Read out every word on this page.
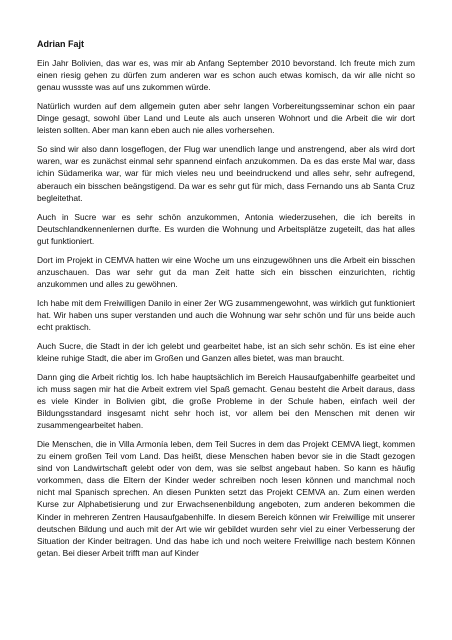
Adrian Fajt

Ein Jahr Bolivien, das war es, was mir ab Anfang September 2010 bevorstand. Ich freute mich zum einen riesig gehen zu dürfen zum anderen war es schon auch etwas komisch, da wir alle nicht so genau wussste was auf uns zukommen würde.

Natürlich wurden auf dem allgemein guten aber sehr langen Vorbereitungsseminar schon ein paar Dinge gesagt, sowohl über Land und Leute als auch unseren Wohnort und die Arbeit die wir dort leisten sollten. Aber man kann eben auch nie alles vorhersehen.

So sind wir also dann losgeflogen, der Flug war unendlich lange und anstrengend, aber als wird dort waren, war es zunächst einmal sehr spannend einfach anzukommen. Da es das erste Mal war, dass ichin Südamerika war, war für mich vieles neu und beeindruckend und alles sehr, sehr aufregend, aberauch ein bisschen beängstigend. Da war es sehr gut für mich, dass Fernando uns ab Santa Cruz begleitethat.

Auch in Sucre war es sehr schön anzukommen, Antonia wiederzusehen, die ich bereits in Deutschlandkennenlernen durfte. Es wurden die Wohnung und Arbeitsplätze zugeteilt, das hat alles gut funktioniert.

Dort im Projekt in CEMVA hatten wir eine Woche um uns einzugewöhnen uns die Arbeit ein bisschen anzuschauen. Das war sehr gut da man Zeit hatte sich ein bisschen einzurichten, richtig anzukommen und alles zu gewöhnen.

Ich habe mit dem Freiwilligen Danilo in einer 2er WG zusammengewohnt, was wirklich gut funktioniert hat. Wir haben uns super verstanden und auch die Wohnung war sehr schön und für uns beide auch echt praktisch.

Auch Sucre, die Stadt in der ich gelebt und gearbeitet habe, ist an sich sehr schön. Es ist eine eher kleine ruhige Stadt, die aber im Großen und Ganzen alles bietet, was man braucht.

Dann ging die Arbeit richtig los. Ich habe hauptsächlich im Bereich Hausaufgabenhilfe gearbeitet und ich muss sagen mir hat die Arbeit extrem viel Spaß gemacht. Genau besteht die Arbeit daraus, dass es viele Kinder in Bolivien gibt, die große Probleme in der Schule haben, einfach weil der Bildungsstandard insgesamt nicht sehr hoch ist, vor allem bei den Menschen mit denen wir zusammengearbeitet haben.

Die Menschen, die in Villa Armonía leben, dem Teil Sucres in dem das Projekt CEMVA liegt, kommen zu einem großen Teil vom Land. Das heißt, diese Menschen haben bevor sie in die Stadt gezogen sind von Landwirtschaft gelebt oder von dem, was sie selbst angebaut haben. So kann es häufig vorkommen, dass die Eltern der Kinder weder schreiben noch lesen können und manchmal noch nicht mal Spanisch sprechen. An diesen Punkten setzt das Projekt CEMVA an. Zum einen werden Kurse zur Alphabetisierung und zur Erwachsenenbildung angeboten, zum anderen bekommen die Kinder in mehreren Zentren Hausaufgabenhilfe. In diesem Bereich können wir Freiwillige mit unserer deutschen Bildung und auch mit der Art wie wir gebildet wurden sehr viel zu einer Verbesserung der Situation der Kinder beitragen. Und das habe ich und noch weitere Freiwillige nach bestem Können getan. Bei dieser Arbeit trifft man auf Kinder
